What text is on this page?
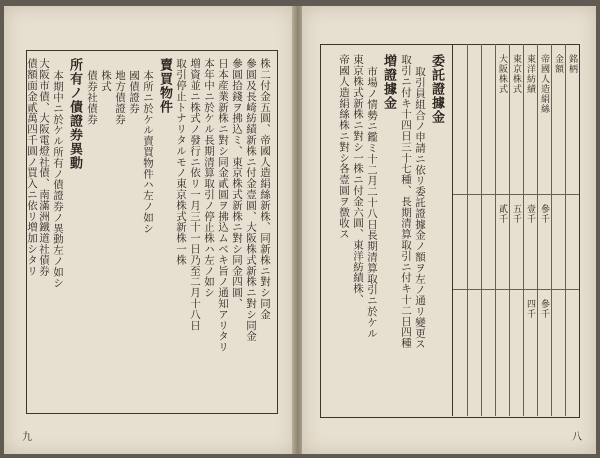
九
株二付金五圓、帝國人造絹絲新株、同新株ニ對シ同金
參圓及長崎紡績新株ニ付金壹圓、大阪株式新株ニ對シ同金
參圓拾錢ヲ拂込ミ、東京株式新株ニ對シ同金四圓、
日本産業新株ニ對シ同金貳圓ヲ拂込ムベキ旨ノ通知アリタリ
本年中ニ於ケル長期清算取引ノ停止株ハ左ノ如シ
増資並ニ株式ノ發行ニ依リ一月三十一日乃至二月十八日
取引停止トナリタルモノ東京株式新株一株
賣買物件
本所ニ於ケル賣買物件ハ左ノ如シ
國債證券
地方債證券
株式
債券社債券
所有ノ債證券異動
本期中ニ於ケル所有ノ債證券ノ異動左ノ如シ
大阪市債、大阪電燈社債、南滿洲鐵道社債券
債額面金貳萬四千圓ノ買入ニ依リ増加シタリ
八
銘柄
金額
帝國人造絹絲
東洋紡績
東京株式
大阪株式
參千
壹千
五千
貳千
參千
四千
委託證據金
取引員組合ノ申請ニ依リ委託證據金ノ額ヲ左ノ通リ變更ス
取引ニ付キ十四日三十七種、長期清算取引ニ付キ十二日四種
増證據金
市場ノ情勢ニ鑑ミ十二月二十八日長期清算取引ニ於ケル
東京株式新株ニ對シ一株ニ付金六圓、東洋紡績株、
帝國人造絹絲株ニ對シ各壹圓ヲ徴收ス
